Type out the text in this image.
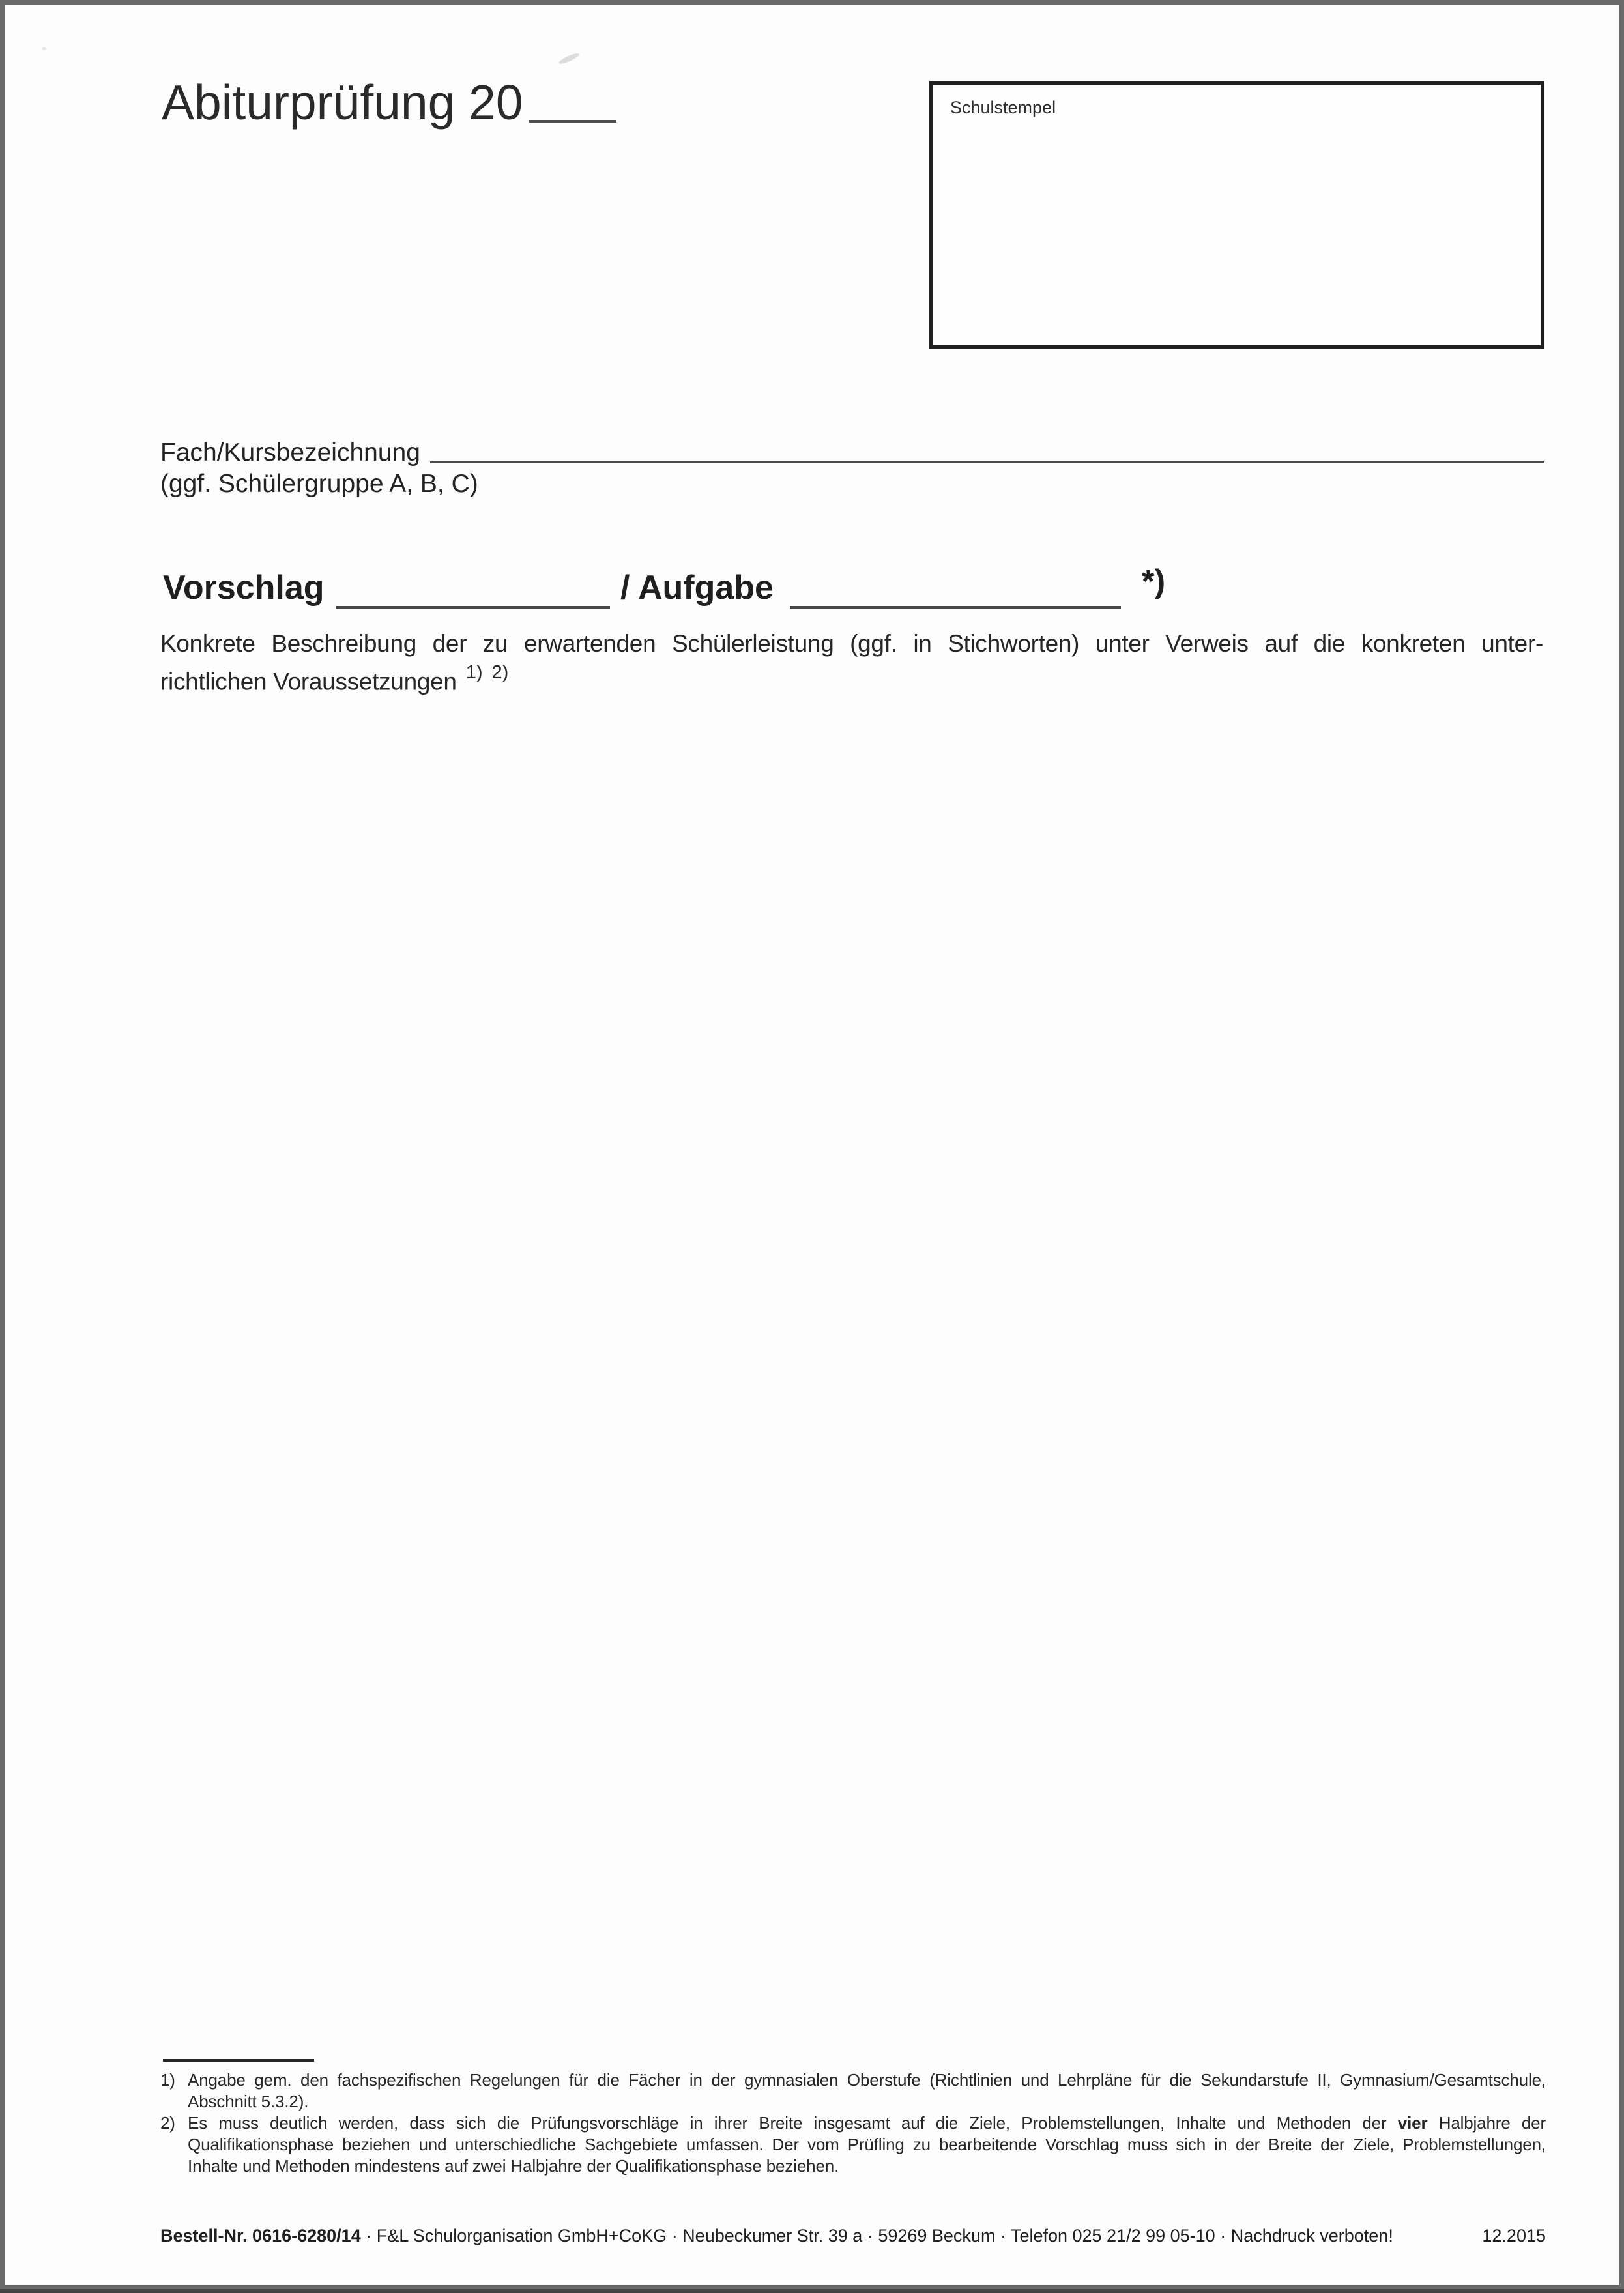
Abiturprüfung 20	Schulstempel
Fach/Kursbezeichnung
(ggf. Schülergruppe A, B, C)
Vorschlag	/ Aufgabe	*)
Konkrete Beschreibung der zu erwartenden Schülerleistung (ggf. in Stichworten) unter Verweis auf die konkreten unter-
richtlichen Voraussetzungen $^{1)}$ $^{2)}$
1) Angabe gem. den fachspezifischen Regelungen für die Fächer in der gymnasialen Oberstufe (Richtlinien und Lehrpläne für die Sekundarstufe II, Gymnasium/Gesamtschule,
Abschnitt 5.3.2).
2) Es muss deutlich werden, dass sich die Prüfungsvorschläge in ihrer Breite insgesamt auf die Ziele, Problemstellungen, Inhalte und Methoden der vier Halbjahre der
Qualifikationsphase beziehen und unterschiedliche Sachgebiete umfassen. Der vom Prüfling zu bearbeitende Vorschlag muss sich in der Breite der Ziele, Problemstellungen,
Inhalte und Methoden mindestens auf zwei Halbjahre der Qualifikationsphase beziehen.
Bestell-Nr. 0616-6280/14 · F&L Schulorganisation GmbH+CoKG · Neubeckumer Str. 39 a · 59269 Beckum · Telefon 025 21/2 99 05-10 · Nachdruck verboten!	12.2015
